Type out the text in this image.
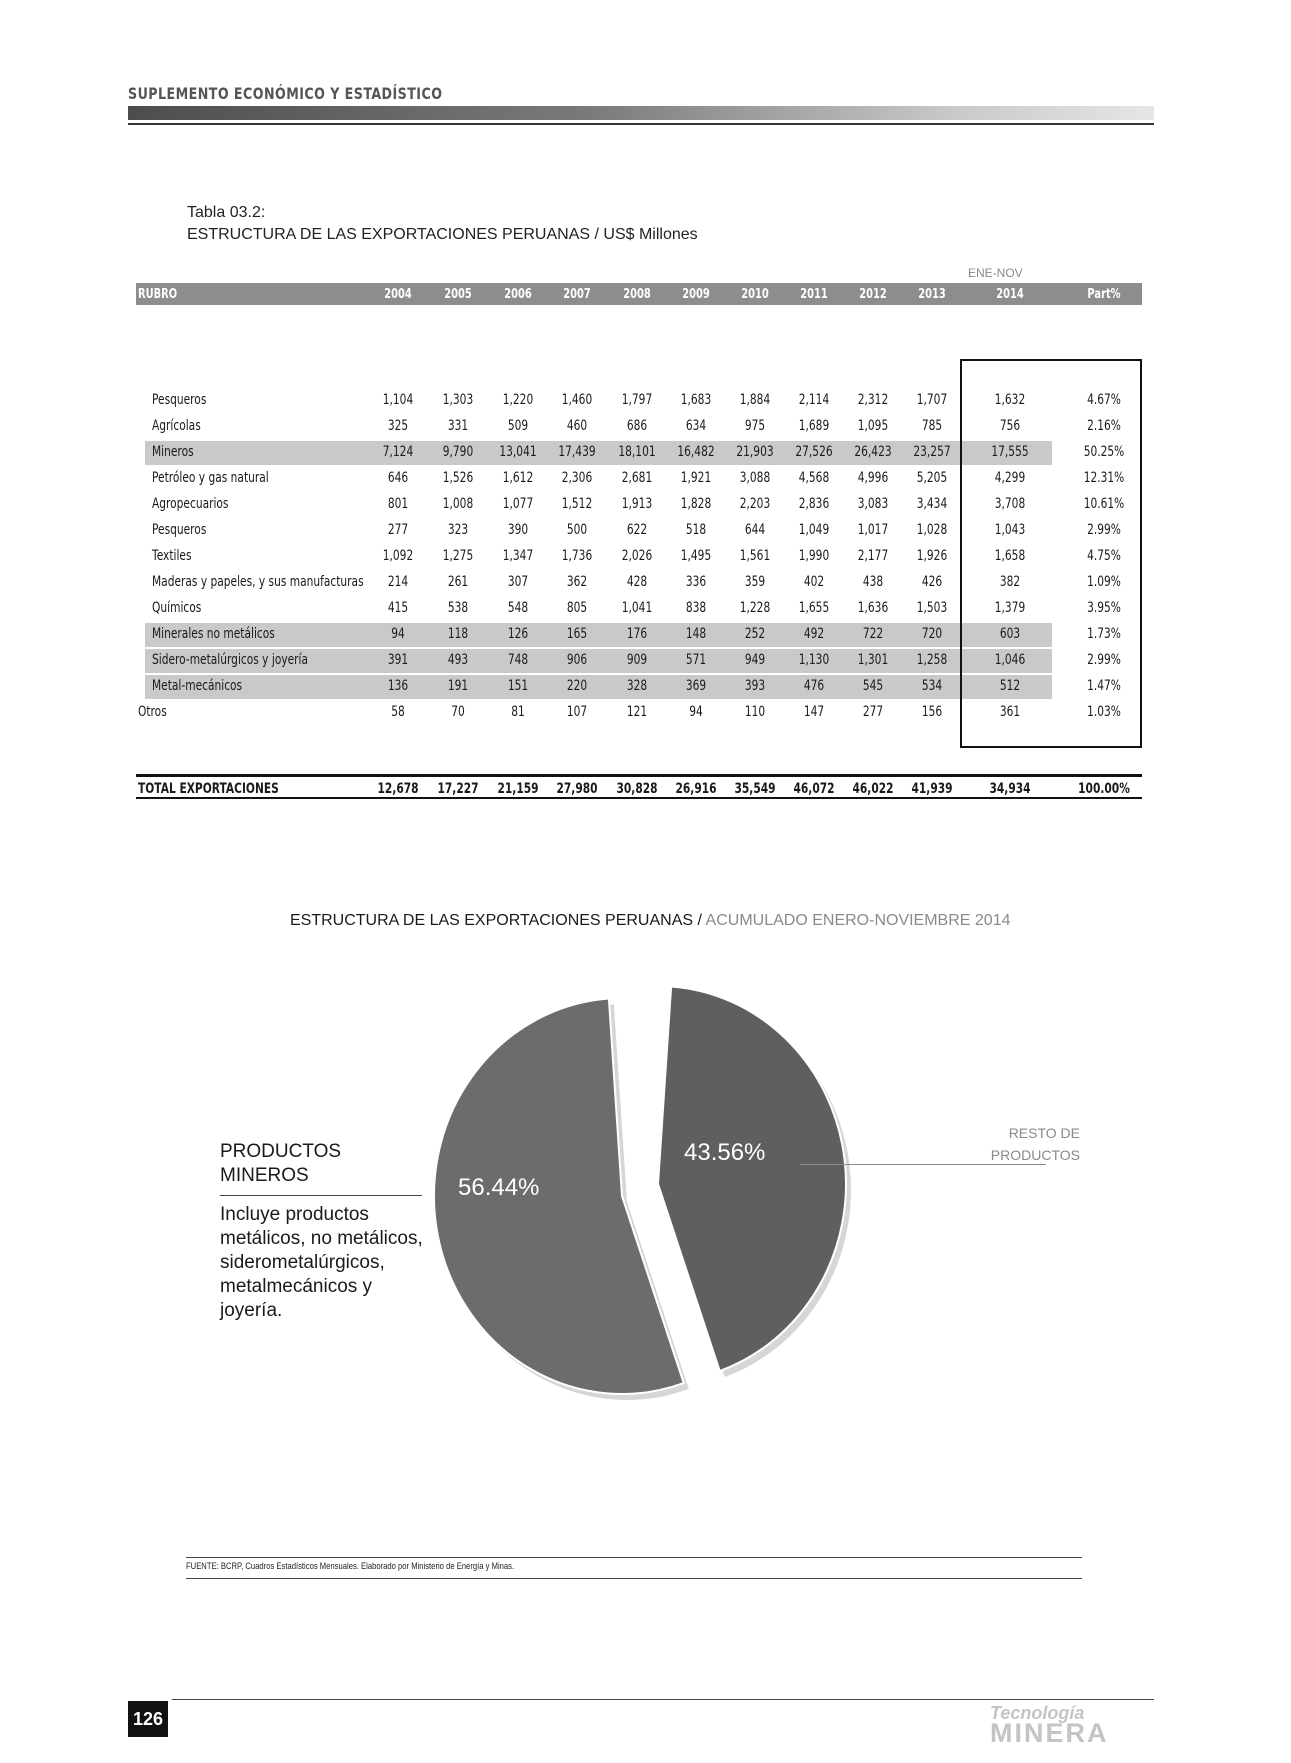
SUPLEMENTO ECONÓMICO Y ESTADÍSTICO
Tabla 03.2:
ESTRUCTURA DE LAS EXPORTACIONES PERUANAS / US$ Millones
ENE-NOV
RUBRO	2004	2005	2006	2007	2008	2009	2010	2011	2012	2013	2014	Part%
Pesqueros	1,104	1,303	1,220	1,460	1,797	1,683	1,884	2,114	2,312	1,707	1,632	4.67%
Agrícolas	325	331	509	460	686	634	975	1,689	1,095	785	756	2.16%
Mineros	7,124	9,790	13,041	17,439	18,101	16,482	21,903	27,526	26,423	23,257	17,555	50.25%
Petróleo y gas natural	646	1,526	1,612	2,306	2,681	1,921	3,088	4,568	4,996	5,205	4,299	12.31%
Agropecuarios	801	1,008	1,077	1,512	1,913	1,828	2,203	2,836	3,083	3,434	3,708	10.61%
Pesqueros	277	323	390	500	622	518	644	1,049	1,017	1,028	1,043	2.99%
Textiles	1,092	1,275	1,347	1,736	2,026	1,495	1,561	1,990	2,177	1,926	1,658	4.75%
Maderas y papeles, y sus manufacturas	214	261	307	362	428	336	359	402	438	426	382	1.09%
Químicos	415	538	548	805	1,041	838	1,228	1,655	1,636	1,503	1,379	3.95%
Minerales no metálicos	94	118	126	165	176	148	252	492	722	720	603	1.73%
Sidero-metalúrgicos y joyería	391	493	748	906	909	571	949	1,130	1,301	1,258	1,046	2.99%
Metal-mecánicos	136	191	151	220	328	369	393	476	545	534	512	1.47%
Otros	58	70	81	107	121	94	110	147	277	156	361	1.03%
TOTAL EXPORTACIONES	12,678	17,227	21,159	27,980	30,828	26,916	35,549	46,072	46,022	41,939	34,934	100.00%
ESTRUCTURA DE LAS EXPORTACIONES PERUANAS / ACUMULADO ENERO-NOVIEMBRE 2014
56.44%
43.56%
PRODUCTOS
MINEROS
Incluye productos metálicos, no metálicos, siderometalúrgicos, metalmecánicos y joyería.
RESTO DE
PRODUCTOS
FUENTE: BCRP, Cuadros Estadísticos Mensuales. Elaborado por Ministerio de Energía y Minas.
126	Tecnología
MINERA
